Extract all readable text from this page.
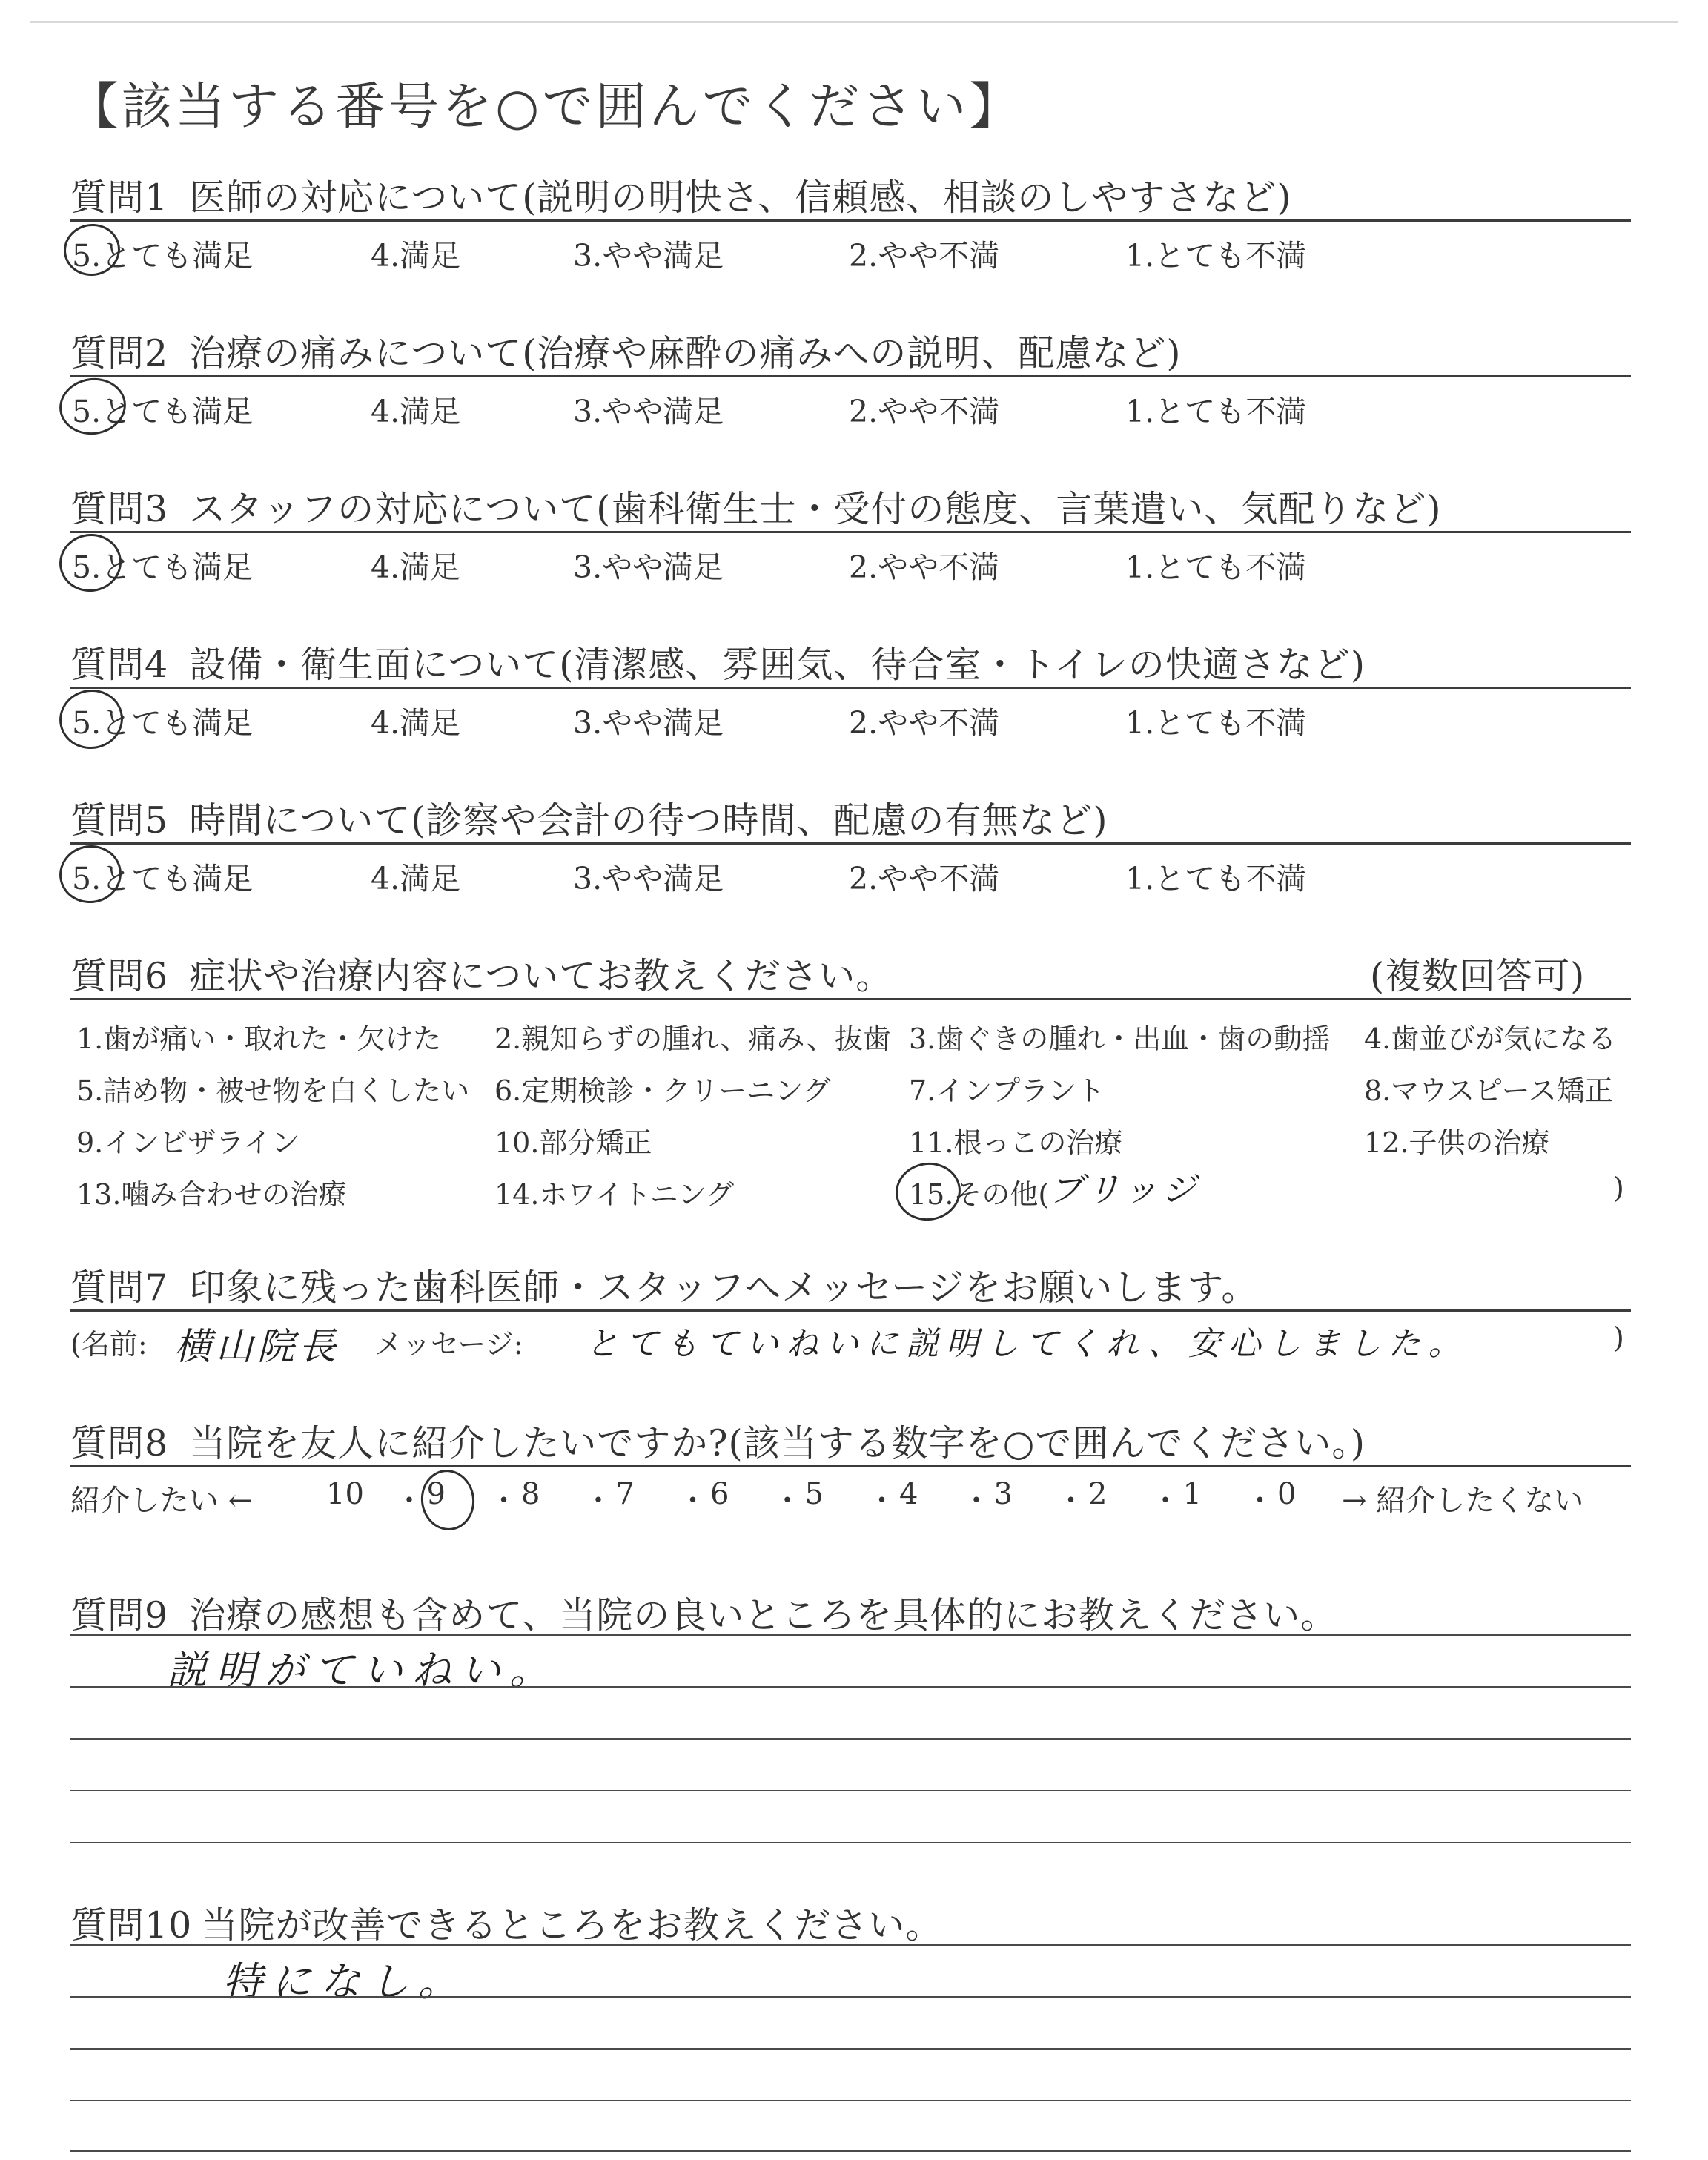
【該当する番号を○で囲んでください】
質問1 医師の対応について(説明の明快さ、信頼感、相談のしやすさなど)
5.とても満足	4.満足	3.やや満足	2.やや不満	1.とても不満
質問2 治療の痛みについて(治療や麻酔の痛みへの説明、配慮など)
5.とても満足	4.満足	3.やや満足	2.やや不満	1.とても不満
質問3 スタッフの対応について(歯科衛生士・受付の態度、言葉遣い、気配りなど)
5.とても満足	4.満足	3.やや満足	2.やや不満	1.とても不満
質問4 設備・衛生面について(清潔感、雰囲気、待合室・トイレの快適さなど)
5.とても満足	4.満足	3.やや満足	2.やや不満	1.とても不満
質問5 時間について(診察や会計の待つ時間、配慮の有無など)
5.とても満足	4.満足	3.やや満足	2.やや不満	1.とても不満
質問6 症状や治療内容についてお教えください。	(複数回答可)
1.歯が痛い・取れた・欠けた 2.親知らずの腫れ、痛み、抜歯 3.歯ぐきの腫れ・出血・歯の動揺 4.歯並びが気になる
5.詰め物・被せ物を白くしたい 6.定期検診・クリーニング	7.インプラント	8.マウスピース矯正
9.インビザライン	10.部分矯正	11.根っこの治療	12.子供の治療
13.噛み合わせの治療	14.ホワイトニング	15.その他( ブリッジ	)
質問7 印象に残った歯科医師・スタッフへメッセージをお願いします。
(名前: 横山院長 メッセージ: とてもていねいに説明してくれ、安心しました。	)
質問8 当院を友人に紹介したいですか?(該当する数字を○で囲んでください。)
紹介したい ← 10 ・ 9 ・ 8 ・ 7 ・ 6 ・ 5 ・ 4 ・ 3 ・ 2 ・ 1 ・ 0 → 紹介したくない
質問9 治療の感想も含めて、当院の良いところを具体的にお教えください。
説明がていねい。
質問10 当院が改善できるところをお教えください。
特になし。
